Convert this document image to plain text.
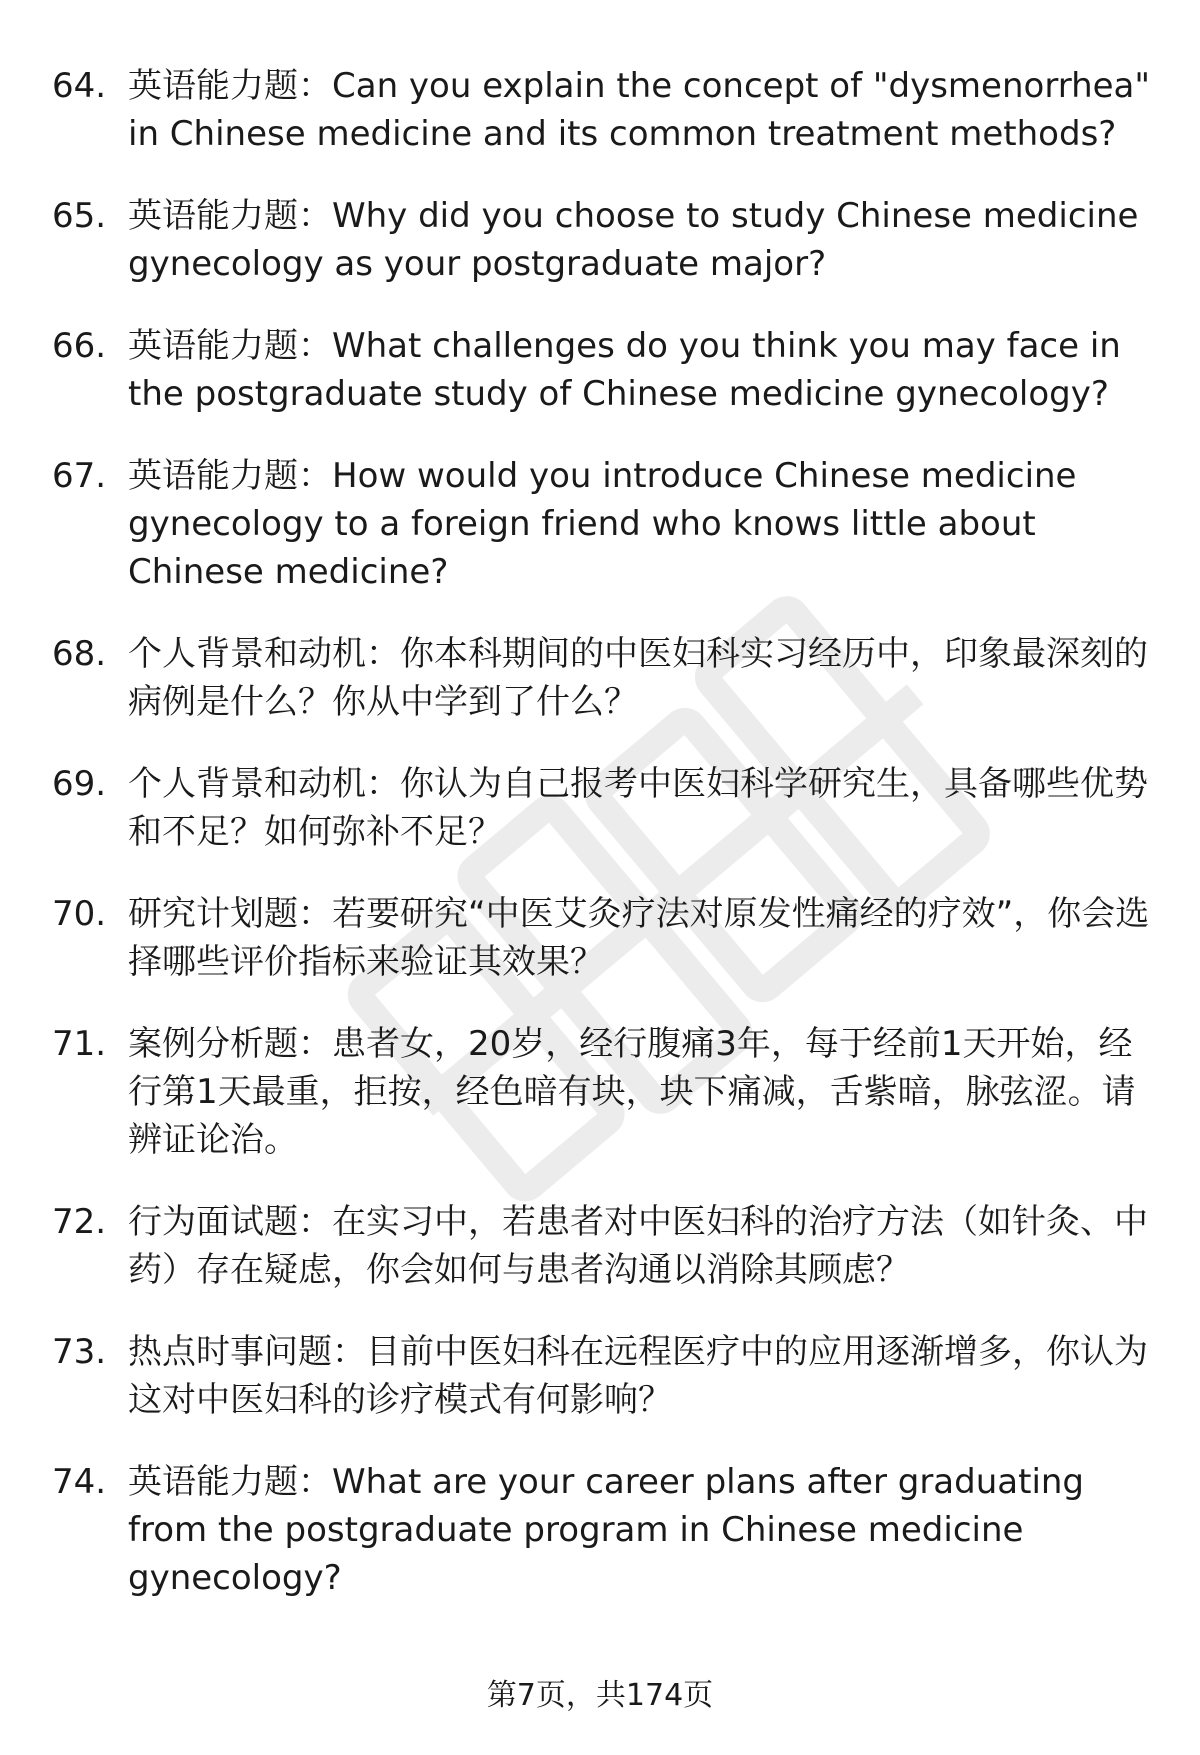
64. 英语能力题：Can you explain the concept of "dysmenorrhea" in Chinese medicine and its common treatment methods?
65. 英语能力题：Why did you choose to study Chinese medicine gynecology as your postgraduate major?
66. 英语能力题：What challenges do you think you may face in the postgraduate study of Chinese medicine gynecology?
67. 英语能力题：How would you introduce Chinese medicine gynecology to a foreign friend who knows little about Chinese medicine?
68. 个人背景和动机：你本科期间的中医妇科实习经历中，印象最深刻的病例是什么？你从中学到了什么？
69. 个人背景和动机：你认为自己报考中医妇科学研究生，具备哪些优势和不足？如何弥补不足？
70. 研究计划题：若要研究“中医艾灸疗法对原发性痛经的疗效”，你会选择哪些评价指标来验证其效果？
71. 案例分析题：患者女，20岁，经行腹痛3年，每于经前1天开始，经行第1天最重，拒按，经色暗有块，块下痛减，舌紫暗，脉弦涩。请辨证论治。
72. 行为面试题：在实习中，若患者对中医妇科的治疗方法（如针灸、中药）存在疑虑，你会如何与患者沟通以消除其顾虑？
73. 热点时事问题：目前中医妇科在远程医疗中的应用逐渐增多，你认为这对中医妇科的诊疗模式有何影响？
74. 英语能力题：What are your career plans after graduating from the postgraduate program in Chinese medicine gynecology?
第7页，共174页
